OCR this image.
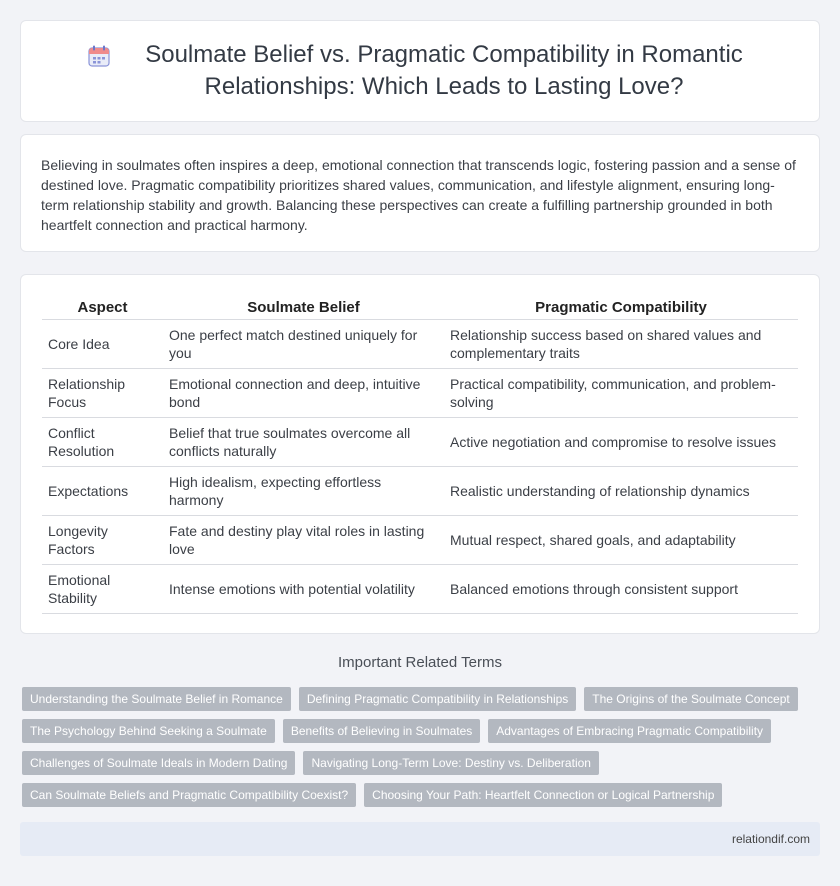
Soulmate Belief vs. Pragmatic Compatibility in Romantic Relationships: Which Leads to Lasting Love?

Believing in soulmates often inspires a deep, emotional connection that transcends logic, fostering passion and a sense of destined love. Pragmatic compatibility prioritizes shared values, communication, and lifestyle alignment, ensuring long-term relationship stability and growth. Balancing these perspectives can create a fulfilling partnership grounded in both heartfelt connection and practical harmony.

Aspect	Soulmate Belief	Pragmatic Compatibility
Core Idea	One perfect match destined uniquely for you	Relationship success based on shared values and complementary traits
Relationship Focus	Emotional connection and deep, intuitive bond	Practical compatibility, communication, and problem-solving
Conflict Resolution	Belief that true soulmates overcome all conflicts naturally	Active negotiation and compromise to resolve issues
Expectations	High idealism, expecting effortless harmony	Realistic understanding of relationship dynamics
Longevity Factors	Fate and destiny play vital roles in lasting love	Mutual respect, shared goals, and adaptability
Emotional Stability	Intense emotions with potential volatility	Balanced emotions through consistent support
Important Related Terms
Understanding the Soulmate Belief in Romance	Defining Pragmatic Compatibility in Relationships	The Origins of the Soulmate Concept
The Psychology Behind Seeking a Soulmate	Benefits of Believing in Soulmates	Advantages of Embracing Pragmatic Compatibility
Challenges of Soulmate Ideals in Modern Dating	Navigating Long-Term Love: Destiny vs. Deliberation
Can Soulmate Beliefs and Pragmatic Compatibility Coexist?	Choosing Your Path: Heartfelt Connection or Logical Partnership
relationdif.com
